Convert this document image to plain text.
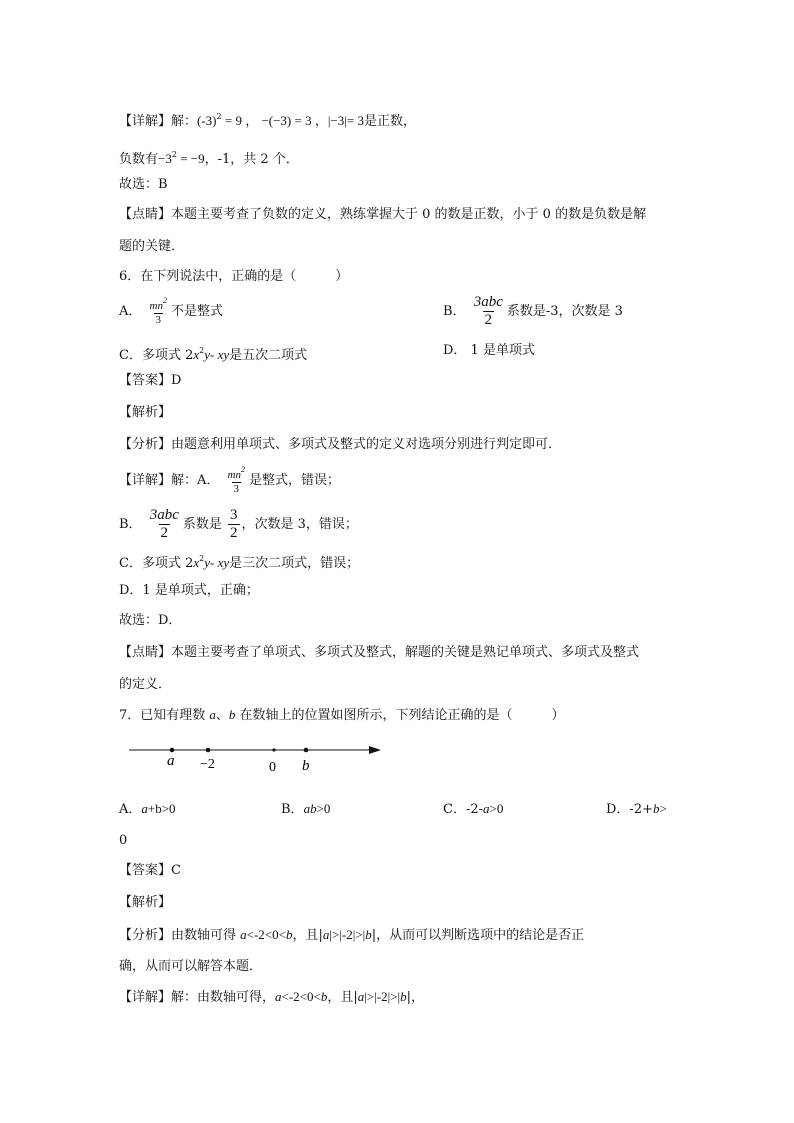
【详解】解：$(-3)^2 = 9$ ， −(−3) = 3 ，|−3|= 3是正数，
负数有$-3^2 = -9$，-1，共 2 个．
故选：B
【点睛】本题主要考查了负数的定义，熟练掌握大于 0 的数是正数，小于 0 的数是负数是解
题的关键．
6．在下列说法中，正确的是（　　　）
A． $\frac{mn^2}{3}$ 不是整式	B． $\frac{\text{3abc}}{2}$ 系数是-3，次数是 3
C．多项式 $2x^2y-$ xy是五次二项式	D． 1 是单项式
【答案】D
【解析】
【分析】由题意利用单项式、多项式及整式的定义对选项分别进行判定即可．
【详解】解：A． $\frac{mn^2}{3}$ 是整式，错误；
B． $\frac{\text{3abc}}{2}$ 系数是 $\frac{3}{2}$ ，次数是 3，错误；
C．多项式 $2x^2y-$ xy是三次二项式，错误；
D．1 是单项式，正确；
故选：D．
【点睛】本题主要考查了单项式、多项式及整式，解题的关键是熟记单项式、多项式及整式
的定义．
7．已知有理数 a、b 在数轴上的位置如图所示，下列结论正确的是（　　　）
a −2	0 b
A．a+b>0	B．ab>0	C．-2-a>0	D．-2+b>
0
【答案】C
【解析】
【分析】由数轴可得 a<-2<0<b，且|a|>|-2|>|b|，从而可以判断选项中的结论是否正
确，从而可以解答本题．
【详解】解：由数轴可得，a<-2<0<b，且|a|>|-2|>|b|，
